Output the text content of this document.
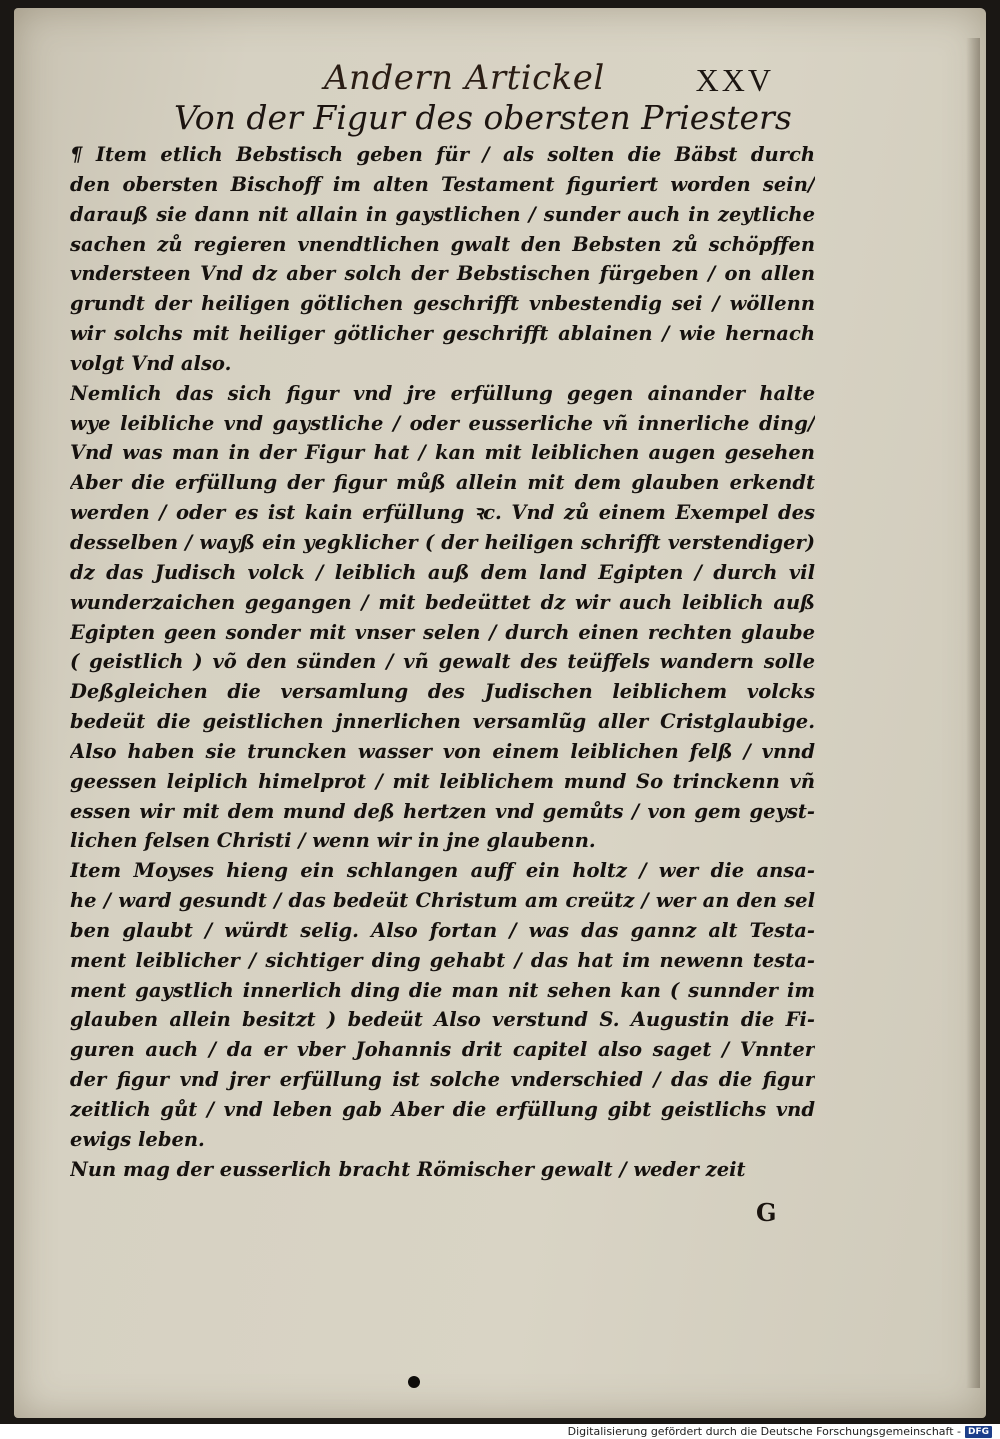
Andern Artickel	XXV
Von der Figur des obersten Priesters
¶ Item etlich Bebstisch geben für / als solten die Bäbst durch
den obersten Bischoff im alten Testament figuriert worden sein/
darauß sie dann nit allain in gaystlichen / sunder auch in zeytliche
sachen zů regieren vnendtlichen gwalt den Bebsten zů schöpffen
vndersteen Vnd dz aber solch der Bebstischen fürgeben / on allen
grundt der heiligen götlichen geschrifft vnbestendig sei / wöllenn
wir solchs mit heiliger götlicher geschrifft ablainen / wie hernach
volgt Vnd also.
Nemlich das sich figur vnd jre erfüllung gegen ainander halte
wye leibliche vnd gaystliche / oder eusserliche vñ innerliche ding/
Vnd was man in der Figur hat / kan mit leiblichen augen gesehen
Aber die erfüllung der figur můß allein mit dem glauben erkendt
werden / oder es ist kain erfüllung ꝛc. Vnd zů einem Exempel des
desselben / wayß ein yegklicher ( der heiligen schrifft verstendiger)
dz das Judisch volck / leiblich auß dem land Egipten / durch vil
wunderzaichen gegangen / mit bedeüttet dz wir auch leiblich auß
Egipten geen sonder mit vnser selen / durch einen rechten glaube
( geistlich ) võ den sünden / vñ gewalt des teüffels wandern solle
Deßgleichen die versamlung des Judischen leiblichem volcks
bedeüt die geistlichen jnnerlichen versamlũg aller Cristglaubige.
Also haben sie truncken wasser von einem leiblichen felß / vnnd
geessen leiplich himelprot / mit leiblichem mund So trinckenn vñ
essen wir mit dem mund deß hertzen vnd gemůts / von gem geyst-
lichen felsen Christi / wenn wir in jne glaubenn.
Item Moyses hieng ein schlangen auff ein holtz / wer die ansa-
he / ward gesundt / das bedeüt Christum am creütz / wer an den sel
ben glaubt / würdt selig. Also fortan / was das gannz alt Testa-
ment leiblicher / sichtiger ding gehabt / das hat im newenn testa-
ment gaystlich innerlich ding die man nit sehen kan ( sunnder im
glauben allein besitzt ) bedeüt Also verstund S. Augustin die Fi-
guren auch / da er vber Johannis drit capitel also saget / Vnnter
der figur vnd jrer erfüllung ist solche vnderschied / das die figur
zeitlich gůt / vnd leben gab Aber die erfüllung gibt geistlichs vnd
ewigs leben.
Nun mag der eusserlich bracht Römischer gewalt / weder zeit
G
Digitalisierung gefördert durch die Deutsche Forschungsgemeinschaft - DFG
